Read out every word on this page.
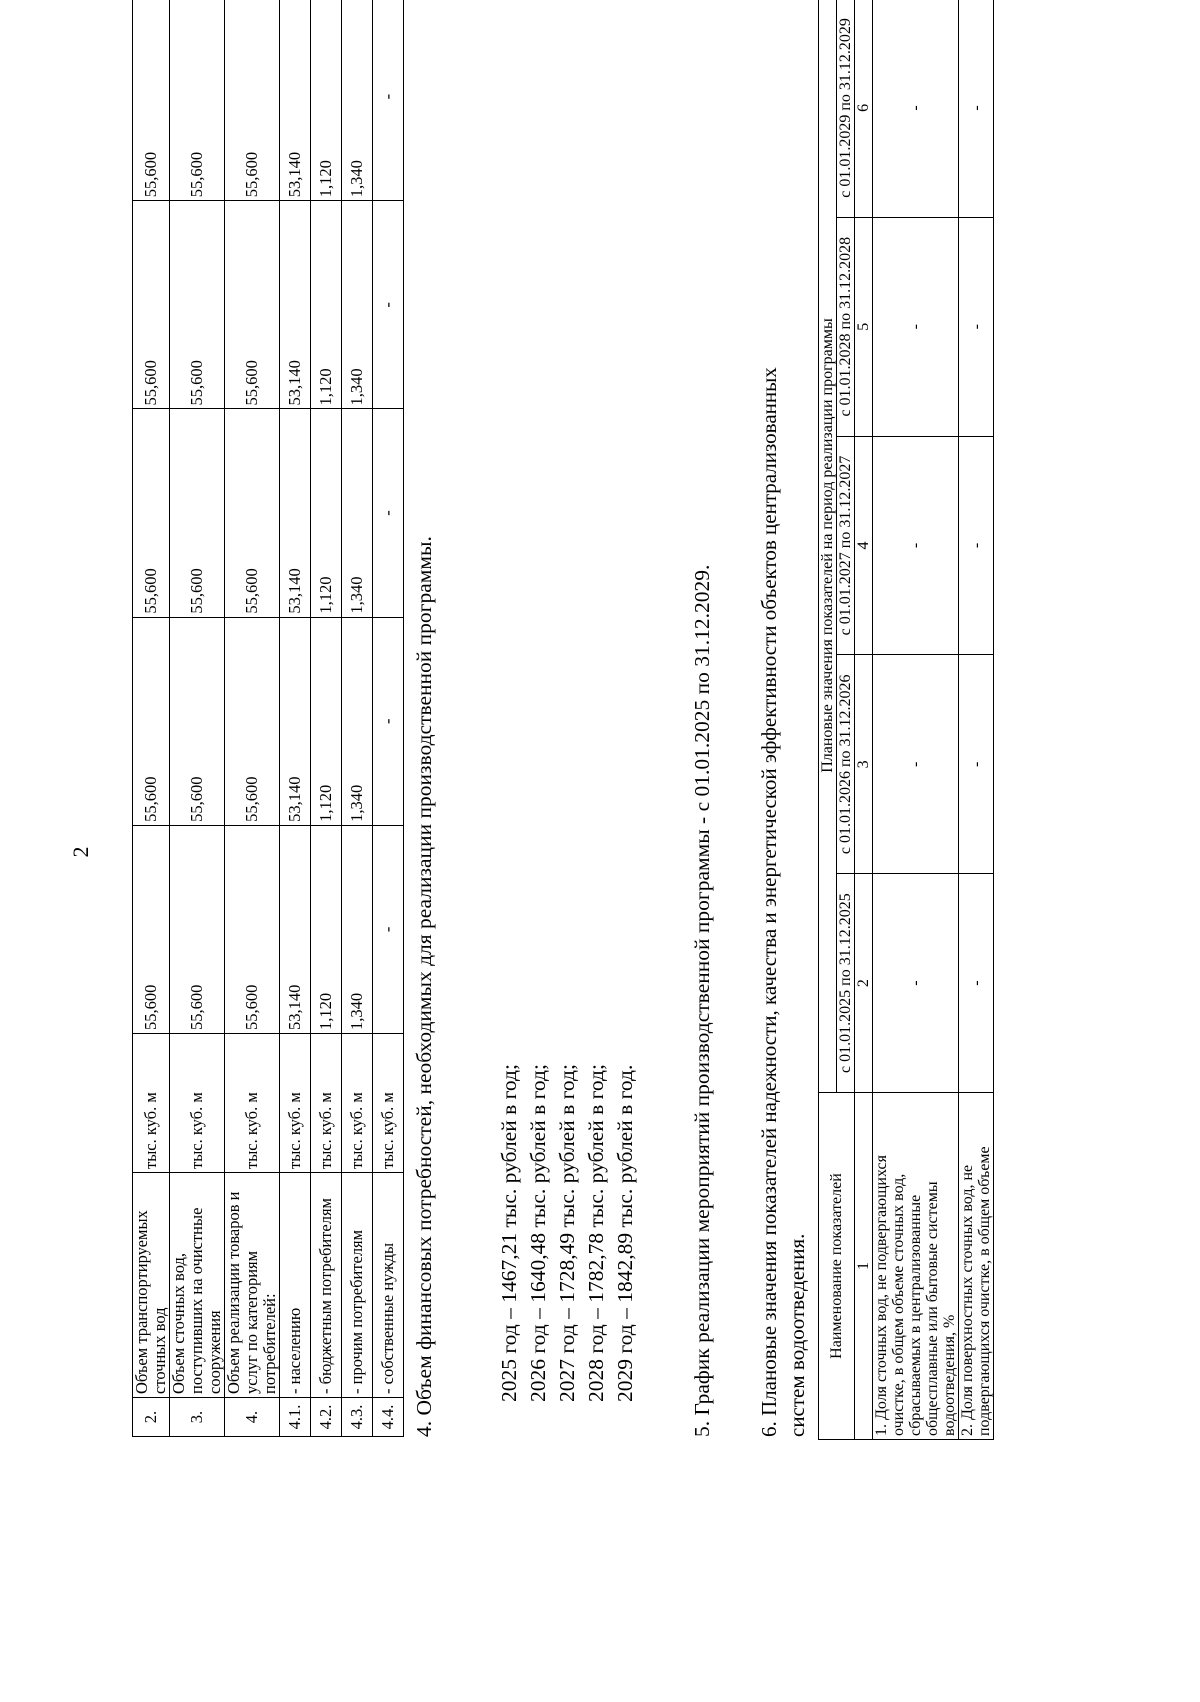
2
2.	Объем транспортируемых сточных вод	тыс. куб. м	55,600	55,600	55,600	55,600	55,600
3.	Объем сточных вод, поступивших на очистные сооружения	тыс. куб. м	55,600	55,600	55,600	55,600	55,600
4.	Объем реализации товаров и услуг по категориям потребителей:	тыс. куб. м	55,600	55,600	55,600	55,600	55,600
4.1.	- населению	тыс. куб. м	53,140	53,140	53,140	53,140	53,140
4.2.	- бюджетным потребителям	тыс. куб. м	1,120	1,120	1,120	1,120	1,120
4.3.	- прочим потребителям	тыс. куб. м	1,340	1,340	1,340	1,340	1,340
4.4.	- собственные нужды	тыс. куб. м	-	-	-	-	-
4. Объем финансовых потребностей, необходимых для реализации производственной программы.	2025 год – 1467,21 тыс. рублей в год; 2026 год – 1640,48 тыс. рублей в год; 2027 год – 1728,49 тыс. рублей в год; 2028 год – 1782,78 тыс. рублей в год; 2029 год – 1842,89 тыс. рублей в год. 5. График реализации мероприятий производственной программы - с 01.01.2025 по 31.12.2029. 6. Плановые значения показателей надежности, качества и энергетической эффективности объектов централизованных систем водоотведения. Наименование показателей	Плановые значения показателей на период реализации программы				
	с 01.01.2025 по 31.12.2025	с 01.01.2026 по 31.12.2026	с 01.01.2027 по 31.12.2027	с 01.01.2028 по 31.12.2028	с 01.01.2029 по 31.12.2029
1	2	3	4	5	6
1. Доля сточных вод, не подвергающихся очистке, в общем объеме сточных вод, сбрасываемых в централизованные общесплавные или бытовые системы водоотведения, %	-	-	-	-	-
2. Доля поверхностных сточных вод, не подвергающихся очистке, в общем объеме	-	-	-	-	-
